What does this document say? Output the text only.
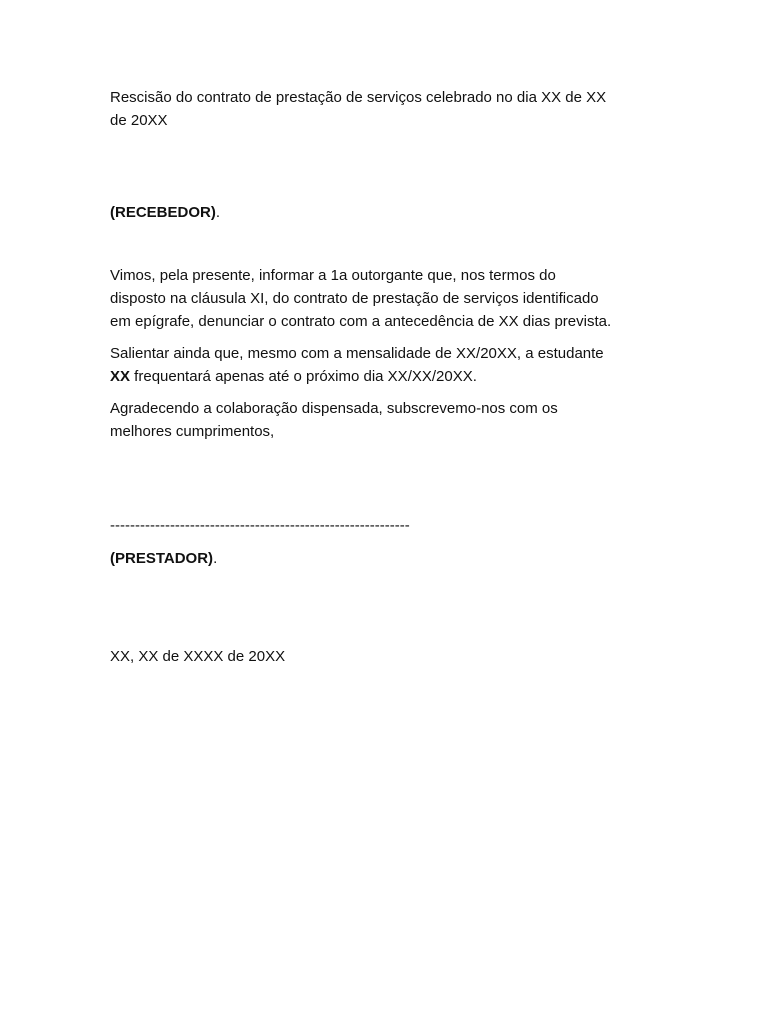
Rescisão do contrato de prestação de serviços celebrado no dia XX de XX
de 20XX

(RECEBEDOR).

Vimos, pela presente, informar a 1a outorgante que, nos termos do
disposto na cláusula XI, do contrato de prestação de serviços identificado
em epígrafe, denunciar o contrato com a antecedência de XX dias prevista.

Salientar ainda que, mesmo com a mensalidade de XX/20XX, a estudante
XX frequentará apenas até o próximo dia XX/XX/20XX.

Agradecendo a colaboração dispensada, subscrevemo-nos com os
melhores cumprimentos,

------------------------------------------------------------

(PRESTADOR).

XX, XX de XXXX de 20XX
